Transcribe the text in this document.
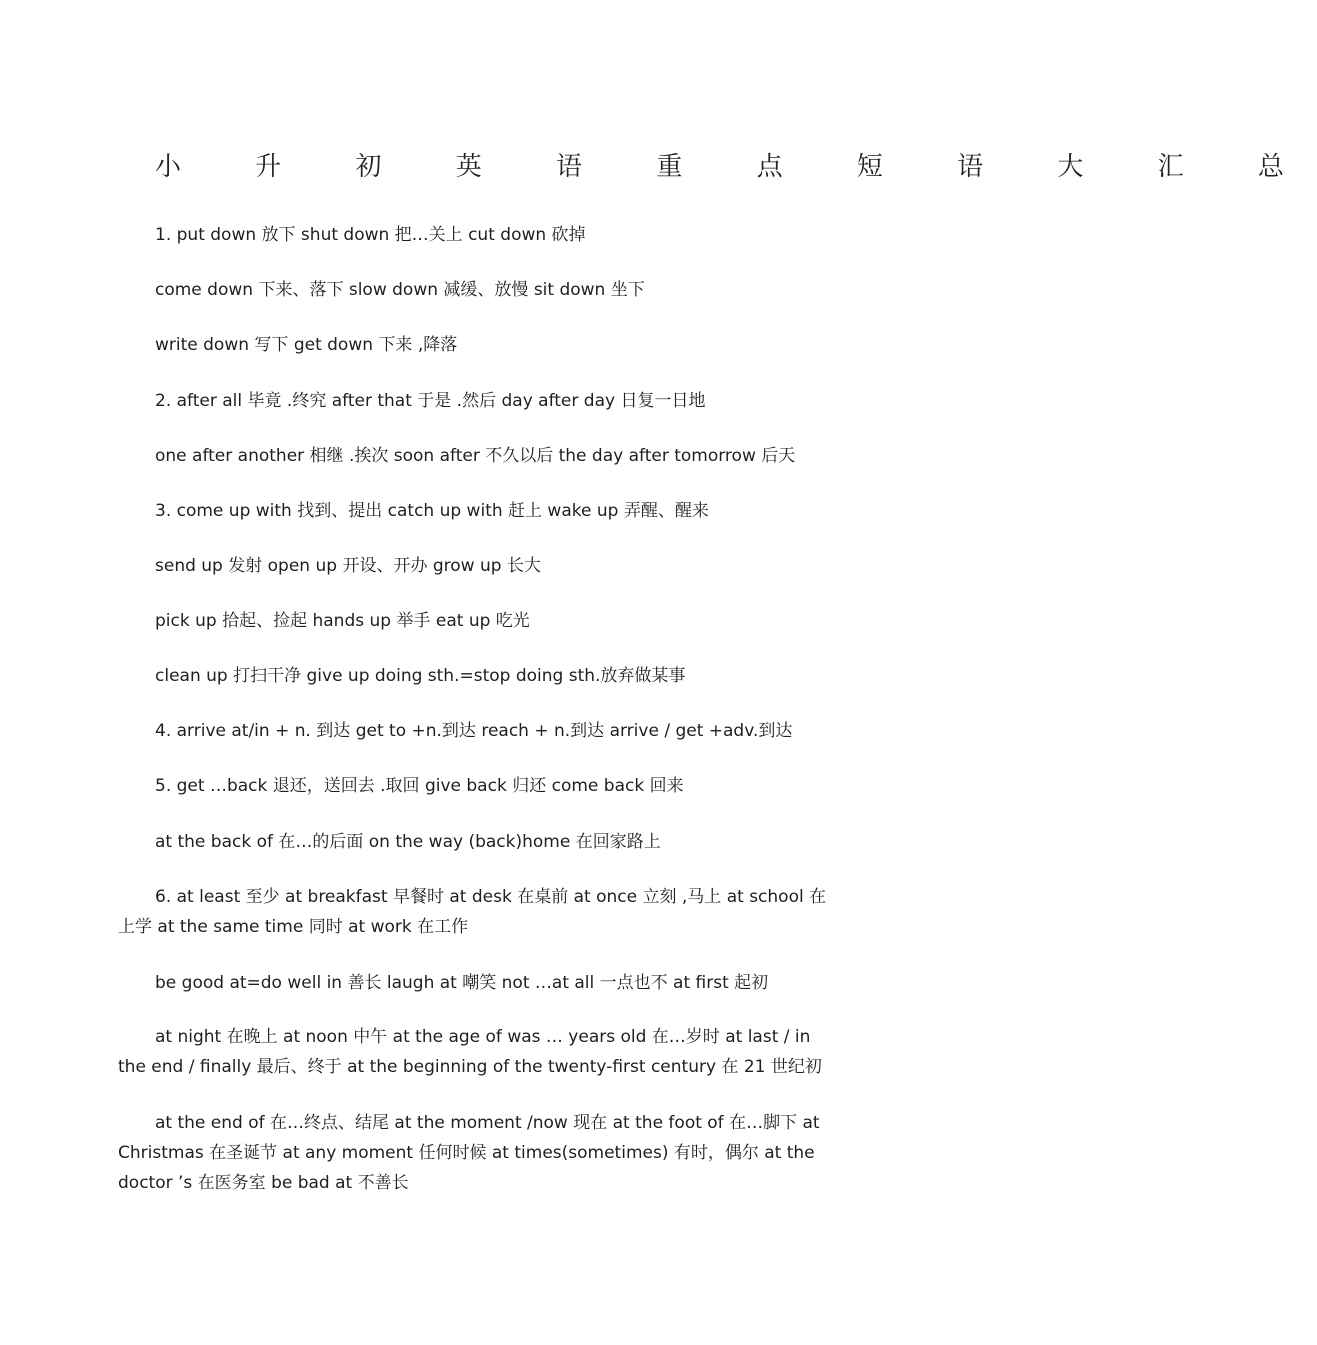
小 升 初 英 语 重 点 短 语 大 汇 总
1. put down 放下 shut down 把…关上 cut down 砍掉
come down 下来、落下 slow down 减缓、放慢 sit down 坐下
write down 写下 get down 下来 ,降落
2. after all 毕竟 .终究 after that 于是 .然后 day after day 日复一日地
one after another 相继 .挨次 soon after 不久以后 the day after tomorrow 后天
3. come up with 找到、提出 catch up with 赶上 wake up 弄醒、醒来
send up 发射 open up 开设、开办 grow up 长大
pick up 拾起、捡起 hands up 举手 eat up 吃光
clean up 打扫干净 give up doing sth.=stop doing sth.放弃做某事
4. arrive at/in + n. 到达 get to +n.到达 reach + n.到达 arrive / get +adv.到达
5. get …back 退还，送回去 .取回 give back 归还 come back 回来
at the back of 在…的后面 on the way (back)home 在回家路上
6. at least 至少 at breakfast 早餐时 at desk 在桌前 at once 立刻 ,马上 at school 在上学 at the same time 同时 at work 在工作
be good at=do well in 善长 laugh at 嘲笑 not …at all 一点也不 at first 起初
at night 在晚上 at noon 中午 at the age of was … years old 在…岁时 at last / in the end / finally 最后、终于 at the beginning of the twenty-first century 在 21 世纪初
at the end of 在…终点、结尾 at the moment /now 现在 at the foot of 在…脚下 at Christmas 在圣诞节 at any moment 任何时候 at times(sometimes) 有时，偶尔 at the doctor ’s 在医务室 be bad at 不善长
